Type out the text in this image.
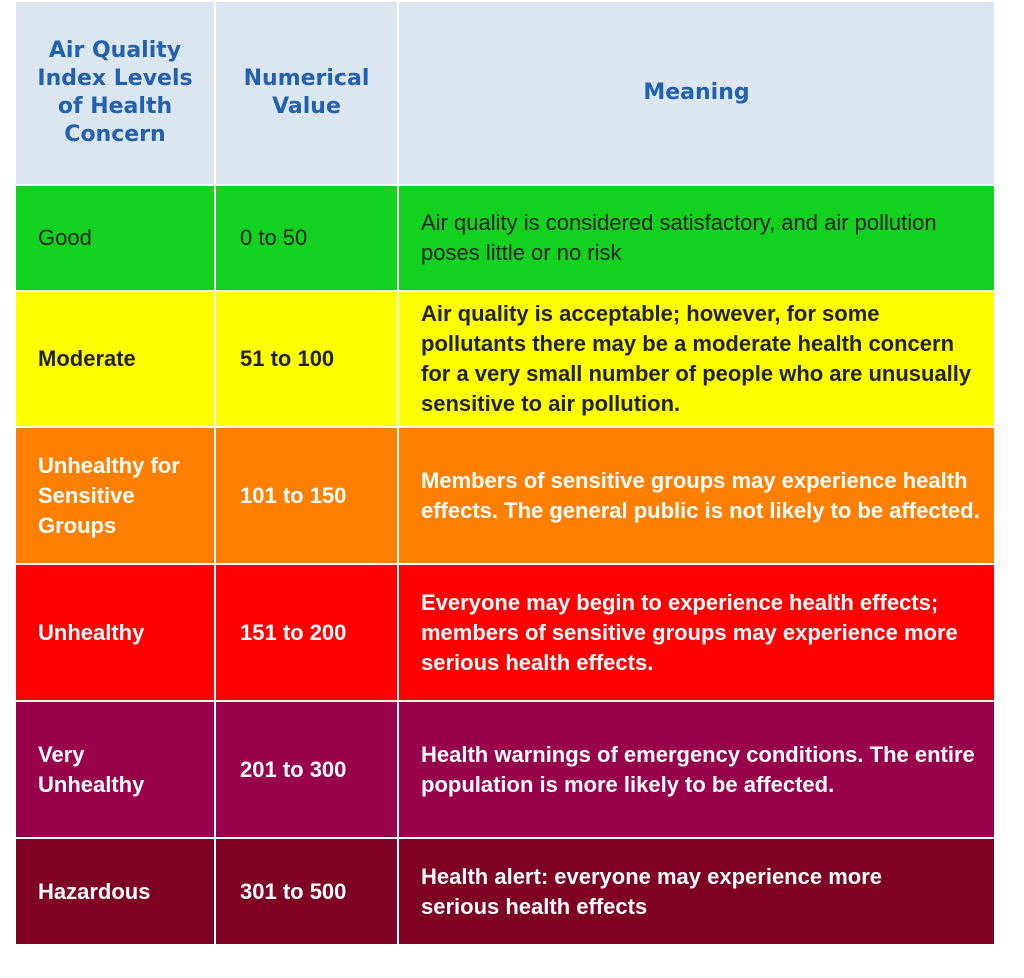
Air Quality Index Levels of Health Concern	Numerical Value	Meaning
Good	0 to 50	Air quality is considered satisfactory, and air pollution poses little or no risk
Moderate	51 to 100	Air quality is acceptable; however, for some pollutants there may be a moderate health concern for a very small number of people who are unusually sensitive to air pollution.
Unhealthy for Sensitive Groups	101 to 150	Members of sensitive groups may experience health effects. The general public is not likely to be affected.
Unhealthy	151 to 200	Everyone may begin to experience health effects; members of sensitive groups may experience more serious health effects.
Very Unhealthy	201 to 300	Health warnings of emergency conditions. The entire population is more likely to be affected.
Hazardous	301 to 500	Health alert: everyone may experience more serious health effects
